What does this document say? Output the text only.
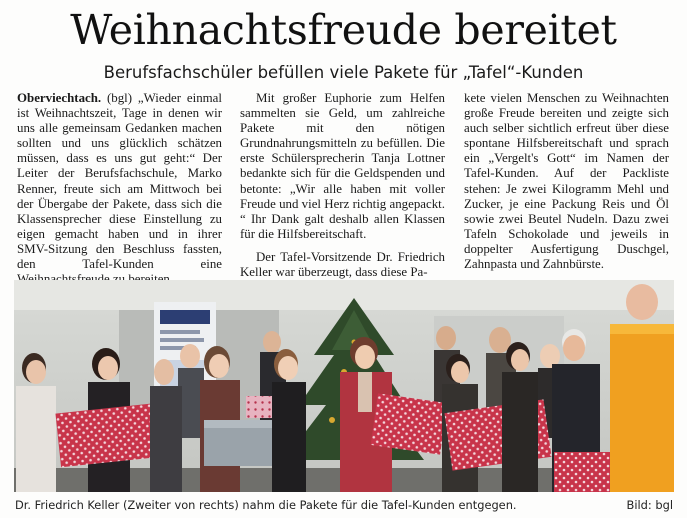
Weihnachtsfreude bereitet
Berufsfachschüler befüllen viele Pakete für „Tafel“-Kunden

Oberviechtach. (bgl) „Wieder einmal ist Weihnachtszeit, Tage in denen wir uns alle gemeinsam Gedanken machen sollten und uns glücklich schätzen müssen, dass es uns gut geht:“ Der Leiter der Berufsfachschule, Marko Renner, freute sich am Mittwoch bei der Übergabe der Pakete, dass sich die Klassensprecher diese Einstellung zu eigen gemacht haben und in ihrer SMV-Sitzung den Beschluss fassten, den Tafel-Kunden eine

Mit großer Euphorie zum Helfen sammelten sie Geld, um zahlreiche Pakete mit den nötigen Grundnahrungsmitteln zu befüllen. Die erste Schülersprecherin Tanja Lottner bedankte sich für die Geldspenden und betonte: „Wir alle haben mit voller Freude und viel Herz richtig angepackt. “ Ihr Dank galt deshalb allen Klassen für die Hilfsbereitschaft.

Der Tafel-Vorsitzende Dr. Friedrich Keller war überzeugt, dass diese Pa-

kete vielen Menschen zu Weihnachten große Freude bereiten und zeigte sich auch selber sichtlich erfreut über diese spontane Hilfsbereitschaft und sprach ein „Vergelt's Gott“ im Namen der Tafel-Kunden. Auf der Packliste stehen: Je zwei Kilogramm Mehl und Zucker, je eine Packung Reis und Öl sowie zwei Beutel Nudeln. Dazu zwei Tafeln Schokolade und jeweils in doppelter Ausfertigung Duschgel, Zahnpasta und Zahnbürste.

Dr. Friedrich Keller (Zweiter von rechts) nahm die Pakete für die Tafel-Kunden entgegen.	Bild: bgl
